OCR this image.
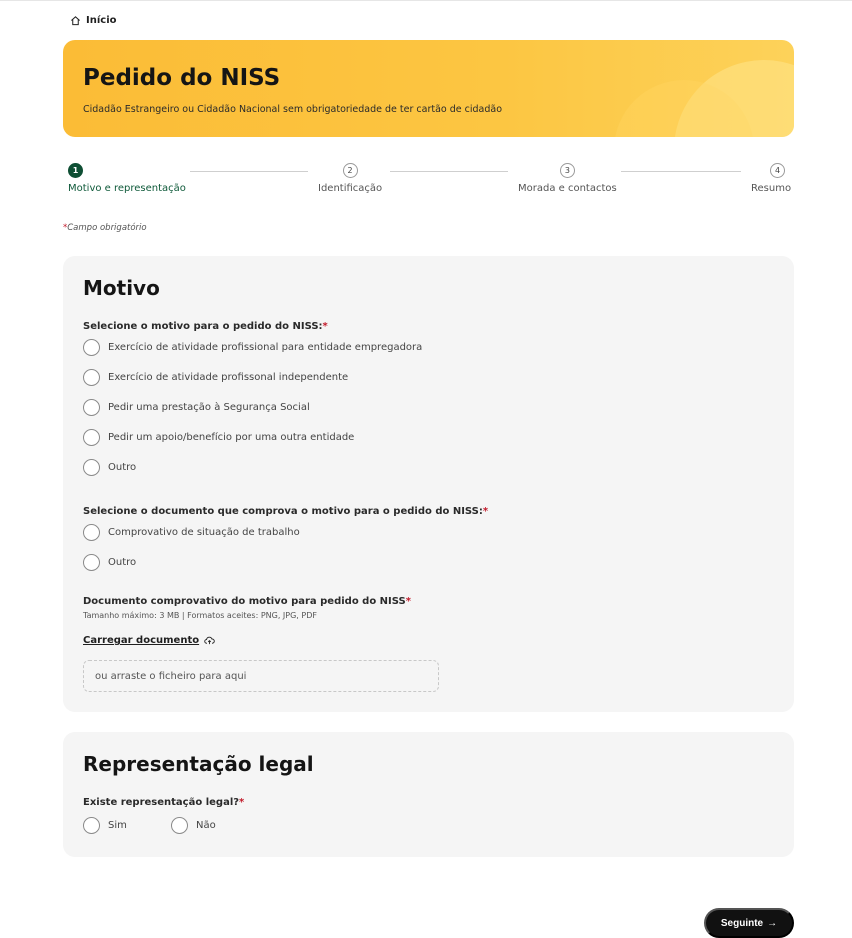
Início
Pedido do NISS

Cidadão Estrangeiro ou Cidadão Nacional sem obrigatoriedade de ter cartão de cidadão

1
Motivo e representação
2
Identificação
3
Morada e contactos
4
Resumo
*Campo obrigatório
Motivo
Selecione o motivo para o pedido do NISS:*
Exercício de atividade profissional para entidade empregadora
Exercício de atividade profissonal independente
Pedir uma prestação à Segurança Social
Pedir um apoio/benefício por uma outra entidade
Outro
Selecione o documento que comprova o motivo para o pedido do NISS:*
Comprovativo de situação de trabalho
Outro
Documento comprovativo do motivo para pedido do NISS*
Tamanho máximo: 3 MB | Formatos aceites: PNG, JPG, PDF
Carregar documento
ou arraste o ficheiro para aqui
Representação legal
Existe representação legal?*
Sim	Não
Seguinte →
